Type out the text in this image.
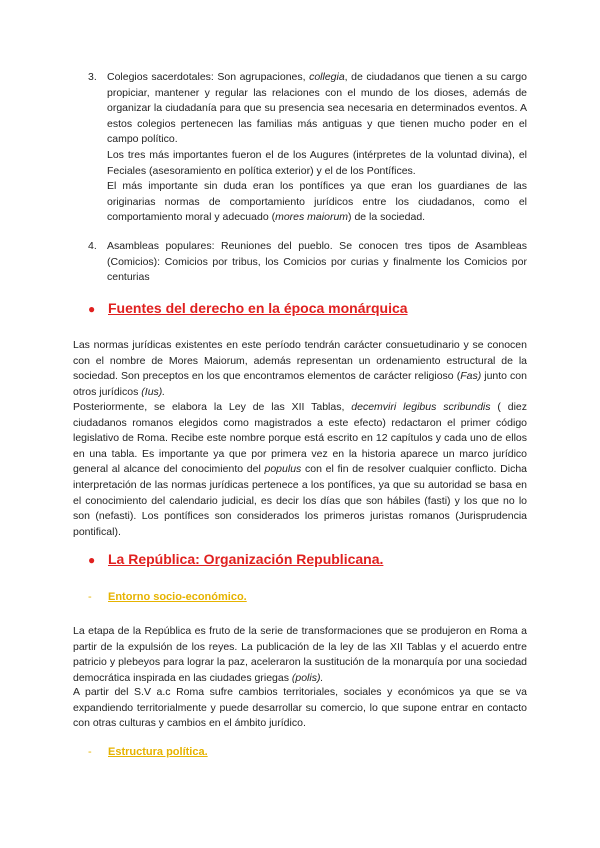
3. Colegios sacerdotales: Son agrupaciones, collegia, de ciudadanos que tienen a su cargo propiciar, mantener y regular las relaciones con el mundo de los dioses, además de organizar la ciudadanía para que su presencia sea necesaria en determinados eventos. A estos colegios pertenecen las familias más antiguas y que tienen mucho poder en el campo político.

Los tres más importantes fueron el de los Augures (intérpretes de la voluntad divina), el Feciales (asesoramiento en política exterior) y el de los Pontífices.

El más importante sin duda eran los pontífices ya que eran los guardianes de las originarias normas de comportamiento jurídicos entre los ciudadanos, como el comportamiento moral y adecuado (mores maiorum) de la sociedad.

4. Asambleas populares: Reuniones del pueblo. Se conocen tres tipos de Asambleas (Comicios): Comicios por tribus, los Comicios por curias y finalmente los Comicios por centurias

● Fuentes del derecho en la época monárquica

Las normas jurídicas existentes en este período tendrán carácter consuetudinario y se conocen con el nombre de Mores Maiorum, además representan un ordenamiento estructural de la sociedad. Son preceptos en los que encontramos elementos de carácter religioso (Fas) junto con otros jurídicos (Ius).

Posteriormente, se elabora la Ley de las XII Tablas, decemviri legibus scribundis ( diez ciudadanos romanos elegidos como magistrados a este efecto) redactaron el primer código legislativo de Roma. Recibe este nombre porque está escrito en 12 capítulos y cada uno de ellos en una tabla. Es importante ya que por primera vez en la historia aparece un marco jurídico general al alcance del conocimiento del populus con el fin de resolver cualquier conflicto. Dicha interpretación de las normas jurídicas pertenece a los pontífices, ya que su autoridad se basa en el conocimiento del calendario judicial, es decir los días que son hábiles (fasti) y los que no lo son (nefasti). Los pontífices son considerados los primeros juristas romanos (Jurisprudencia pontifical).

● La República: Organización Republicana.
- Entorno socio-económico.

La etapa de la República es fruto de la serie de transformaciones que se produjeron en Roma a partir de la expulsión de los reyes. La publicación de la ley de las XII Tablas y el acuerdo entre patricio y plebeyos para lograr la paz, aceleraron la sustitución de la monarquía por una sociedad democrática inspirada en las ciudades griegas (polis).

A partir del S.V a.c Roma sufre cambios territoriales, sociales y económicos ya que se va expandiendo territorialmente y puede desarrollar su comercio, lo que supone entrar en contacto con otras culturas y cambios en el ámbito jurídico.

- Estructura política.
